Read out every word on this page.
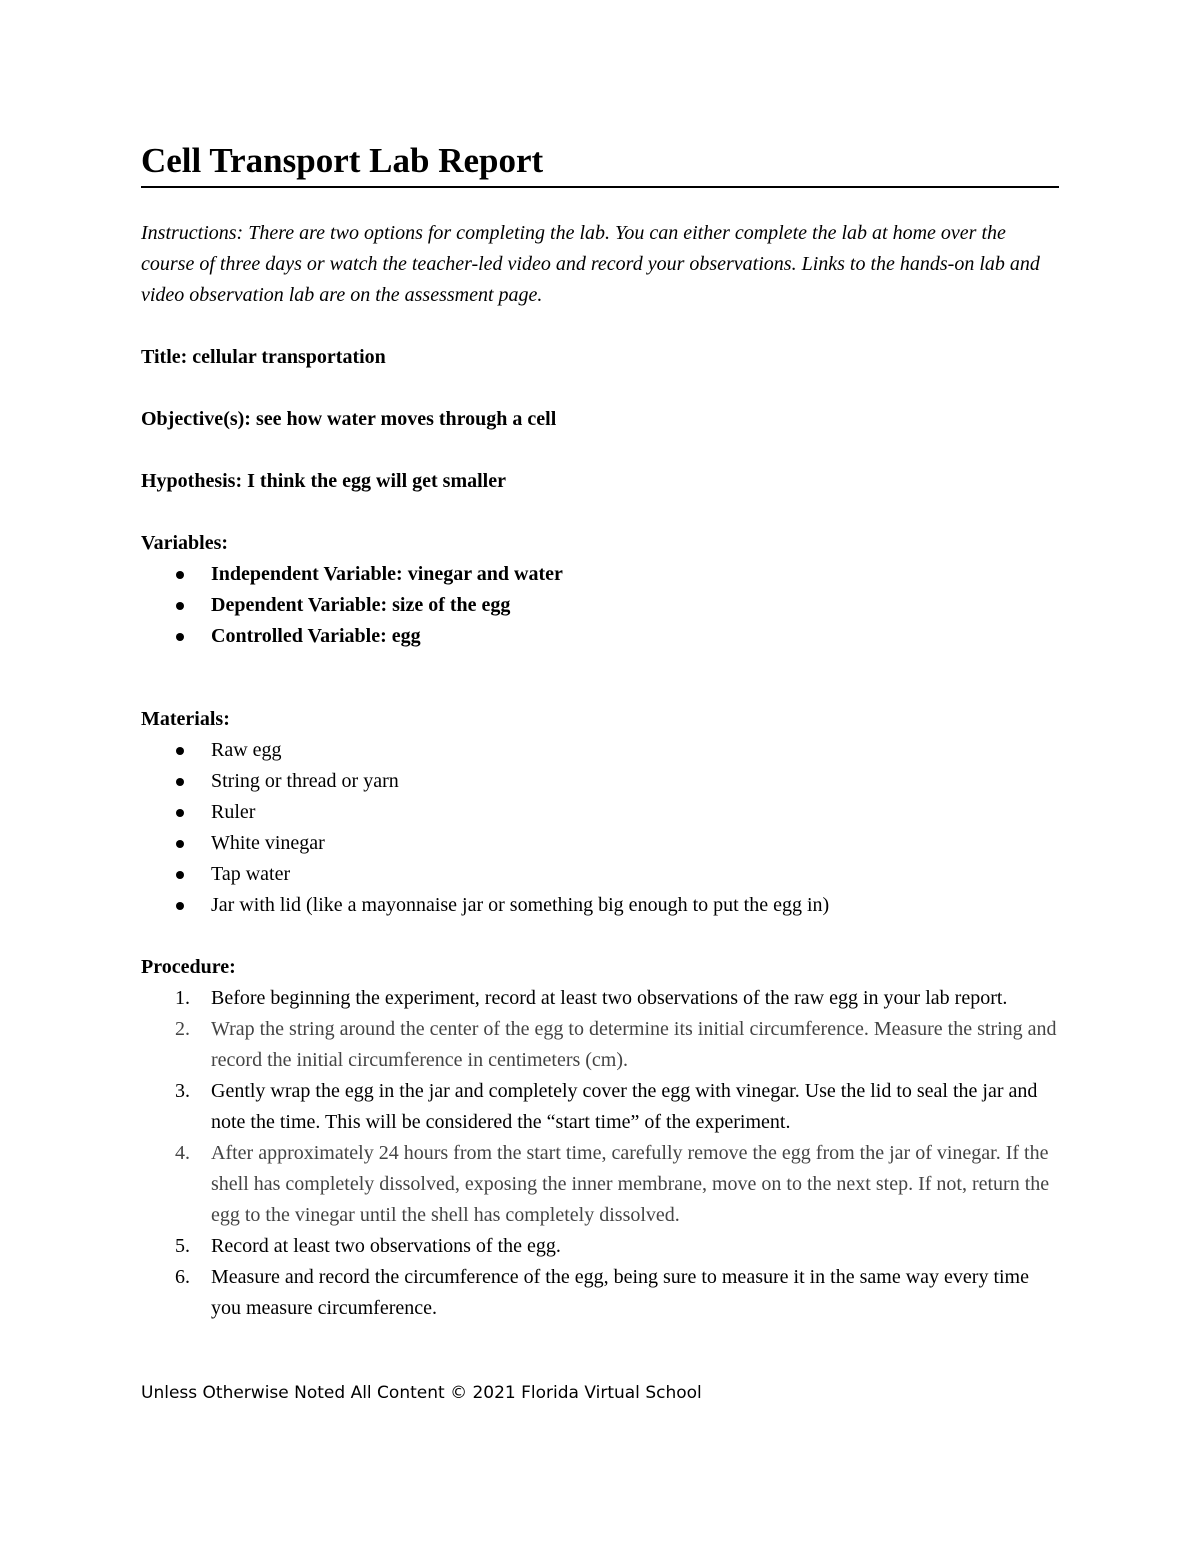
Cell Transport Lab Report

Instructions: There are two options for completing the lab. You can either complete the lab at home over the course of three days or watch the teacher-led video and record your observations. Links to the hands-on lab and video observation lab are on the assessment page.

Title: cellular transportation

Objective(s): see how water moves through a cell

Hypothesis: I think the egg will get smaller

Variables:

Independent Variable: vinegar and water
Dependent Variable: size of the egg
Controlled Variable: egg

Materials:

Raw egg
String or thread or yarn
Ruler
White vinegar
Tap water
Jar with lid (like a mayonnaise jar or something big enough to put the egg in)

Procedure:

1. Before beginning the experiment, record at least two observations of the raw egg in your lab report.
2. Wrap the string around the center of the egg to determine its initial circumference. Measure the string and record the initial circumference in centimeters (cm).
3. Gently wrap the egg in the jar and completely cover the egg with vinegar. Use the lid to seal the jar and note the time. This will be considered the “start time” of the experiment.
4. After approximately 24 hours from the start time, carefully remove the egg from the jar of vinegar. If the shell has completely dissolved, exposing the inner membrane, move on to the next step. If not, return the egg to the vinegar until the shell has completely dissolved.
5. Record at least two observations of the egg.
6. Measure and record the circumference of the egg, being sure to measure it in the same way every time you measure circumference.
Unless Otherwise Noted All Content © 2021 Florida Virtual School
